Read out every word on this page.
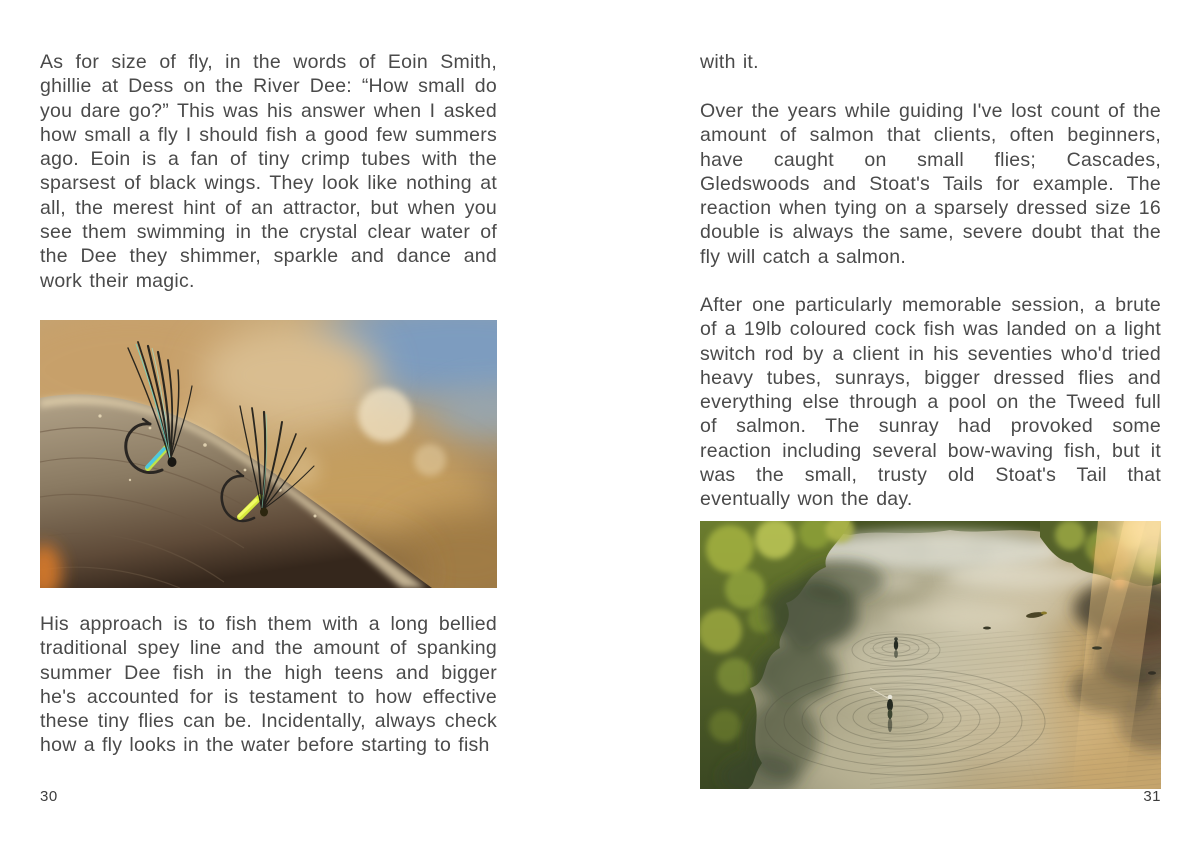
As for size of fly, in the words of Eoin Smith, ghillie at Dess on the River Dee: “How small do you dare go?” This was his answer when I asked how small a fly I should fish a good few summers ago. Eoin is a fan of tiny crimp tubes with the sparsest of black wings. They look like nothing at all, the merest hint of an attractor, but when you see them swimming in the crystal clear water of the Dee they shimmer, sparkle and dance and work their magic.

His approach is to fish them with a long bellied traditional spey line and the amount of spanking summer Dee fish in the high teens and bigger he's accounted for is testament to how effective these tiny flies can be. Incidentally, always check how a fly looks in the water before starting to fish

30

with it.

Over the years while guiding I've lost count of the amount of salmon that clients, often beginners, have caught on small flies; Cascades, Gledswoods and Stoat's Tails for example. The reaction when tying on a sparsely dressed size 16 double is always the same, severe doubt that the fly will catch a salmon.

After one particularly memorable session, a brute of a 19lb coloured cock fish was landed on a light switch rod by a client in his seventies who'd tried heavy tubes, sunrays, bigger dressed flies and everything else through a pool on the Tweed full of salmon. The sunray had provoked some reaction including several bow-waving fish, but it was the small, trusty old Stoat's Tail that eventually won the day.

31
